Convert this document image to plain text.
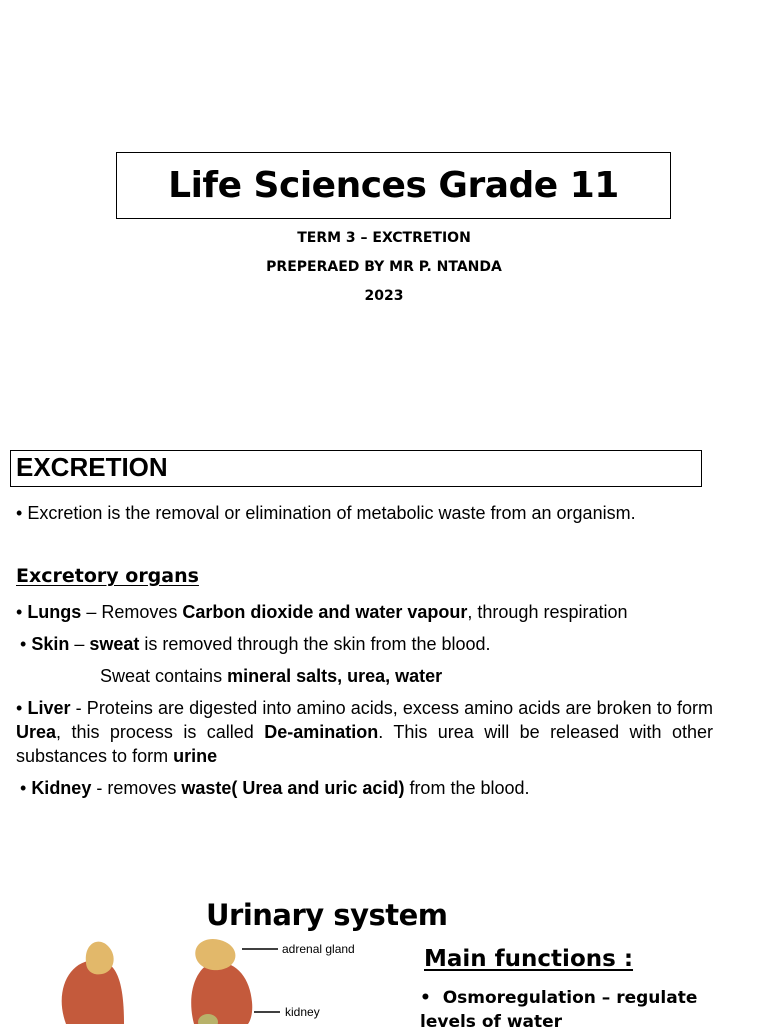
Life Sciences Grade 11
TERM 3 – EXCTRETION
PREPERAED BY MR P. NTANDA
2023
EXCRETION
• Excretion is the removal or elimination of metabolic waste from an organism.
Excretory organs
• Lungs – Removes Carbon dioxide and water vapour, through respiration
• Skin – sweat is removed through the skin from the blood.
Sweat contains mineral salts, urea, water
• Liver - Proteins are digested into amino acids, excess amino acids are broken to form Urea, this process is called De-amination. This urea will be released with other substances to form urine
• Kidney - removes waste( Urea and uric acid) from the blood.
Urinary system
adrenal gland
kidney
Main functions :
•  Osmoregulation – regulate levels of water
